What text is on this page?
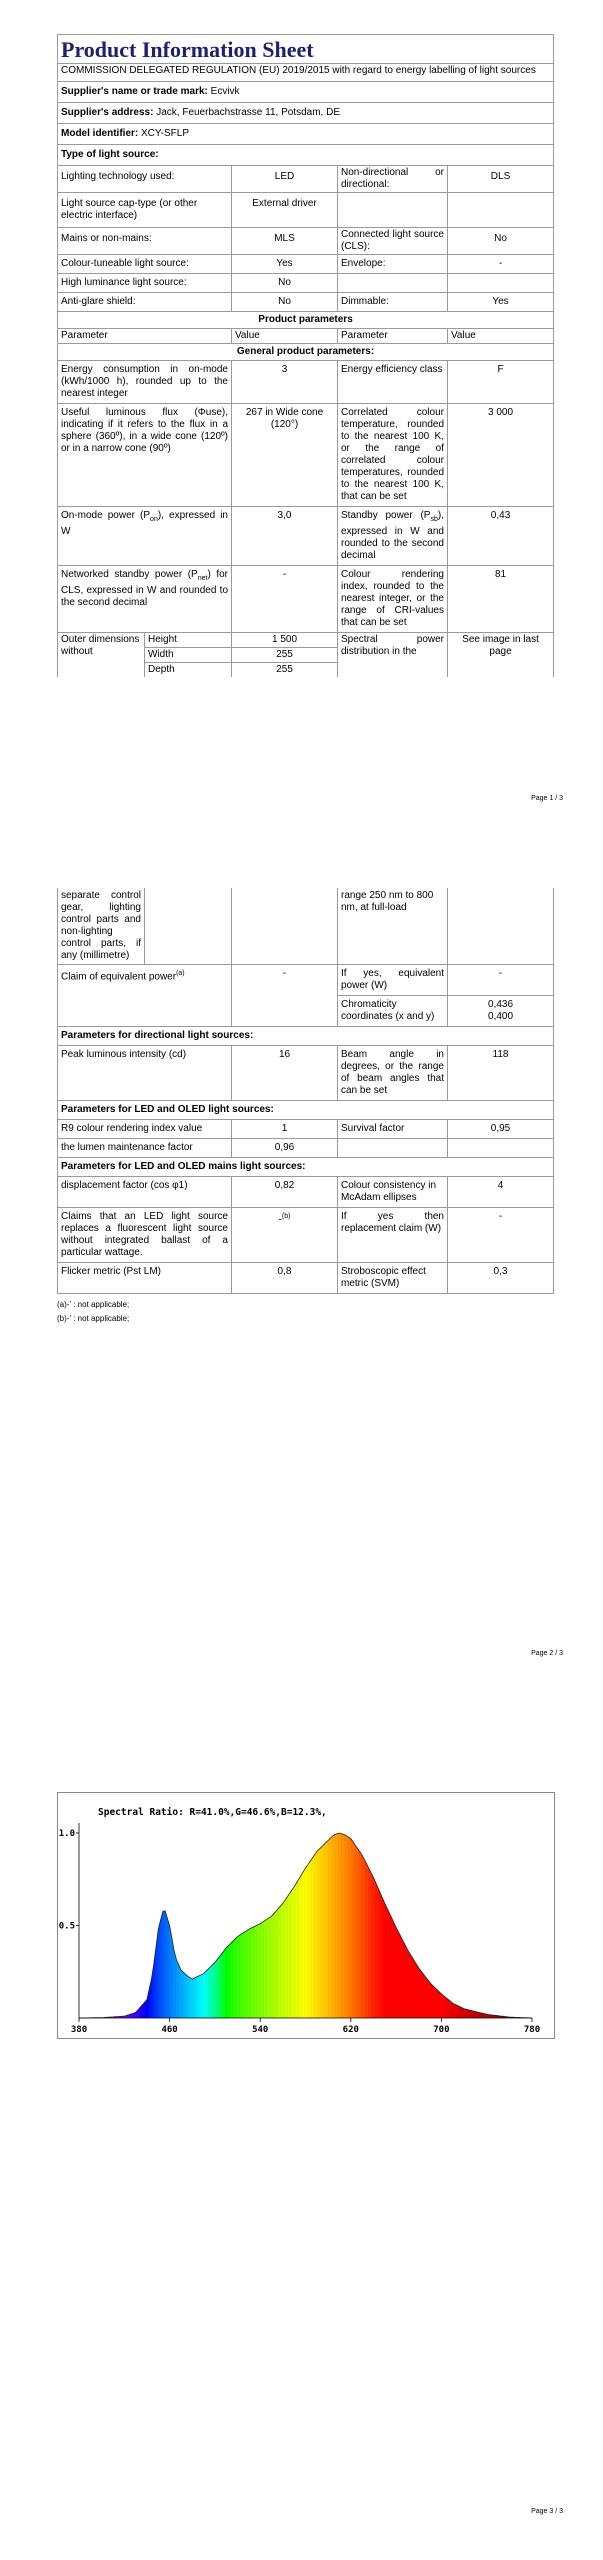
Product Information Sheet				
COMMISSION DELEGATED REGULATION (EU) 2019/2015 with regard to energy labelling of light sources				
Supplier's name or trade mark: Ecvivk				
Supplier's address: Jack, Feuerbachstrasse 11, Potsdam, DE				
Model identifier: XCY-SFLP				
Type of light source:				
Lighting technology used:		LED	Non-directional or directional:	DLS
Light source cap-type (or other electric interface)		External driver		
Mains or non-mains:		MLS	Connected light source (CLS):	No
Colour-tuneable light source:		Yes	Envelope:	-
High luminance light source:		No		
Anti-glare shield:		No	Dimmable:	Yes
Product parameters				
Parameter		Value	Parameter	Value
General product parameters:				
Energy consumption in on-mode (kWh/1000 h), rounded up to the nearest integer		3	Energy efficiency class	F
Useful luminous flux (Φuse), indicating if it refers to the flux in a sphere (360º), in a wide cone (120º) or in a narrow cone (90º)		267 in Wide cone (120°)	Correlated colour temperature, rounded to the nearest 100 K, or the range of correlated colour temperatures, rounded to the nearest 100 K, that can be set	3 000
On-mode power $(P_{on})$, expressed in W		3,0	Standby power $(P_{sb})$, expressed in W and rounded to the second decimal	0,43
Networked standby power $(P_{net})$ for CLS, expressed in W and rounded to the second decimal		-	Colour rendering index, rounded to the nearest integer, or the range of CRI-values that can be set	81
Outer dimensions without	Height	1 500	Spectral power distribution in the	See image in last page
	Width	255		
	Depth	255		
Page 1 / 3
separate control gear, lighting control parts and non-lighting control parts, if any (millimetre)			range 250 nm to 800 nm, at full-load	
Claim of equivalent power$^{(a)}$		-	If yes, equivalent power (W)	-
			Chromaticity coordinates (x and y)	0,436
0,400

Parameters for directional light sources:				
Peak luminous intensity (cd)		16	Beam angle in degrees, or the range of beam angles that can be set	118
Parameters for LED and OLED light sources:				
R9 colour rendering index value		1	Survival factor	0,95
the lumen maintenance factor		0,96		
Parameters for LED and OLED mains light sources:				
displacement factor (cos φ1)		0,82	Colour consistency in McAdam ellipses	4
Claims that an LED light source replaces a fluorescent light source without integrated ballast of a particular wattage.		-$^{(b)}$	If yes then replacement claim (W)	-
Flicker metric (Pst LM)		0,8	Stroboscopic effect metric (SVM)	0,3
(a)-' : not applicable;
(b)-' : not applicable;
Page 2 / 3
380	460	540	620	700	780
0.5
1.0
Spectral Ratio: R=41.0%,G=46.6%,B=12.3%,
Page 3 / 3
